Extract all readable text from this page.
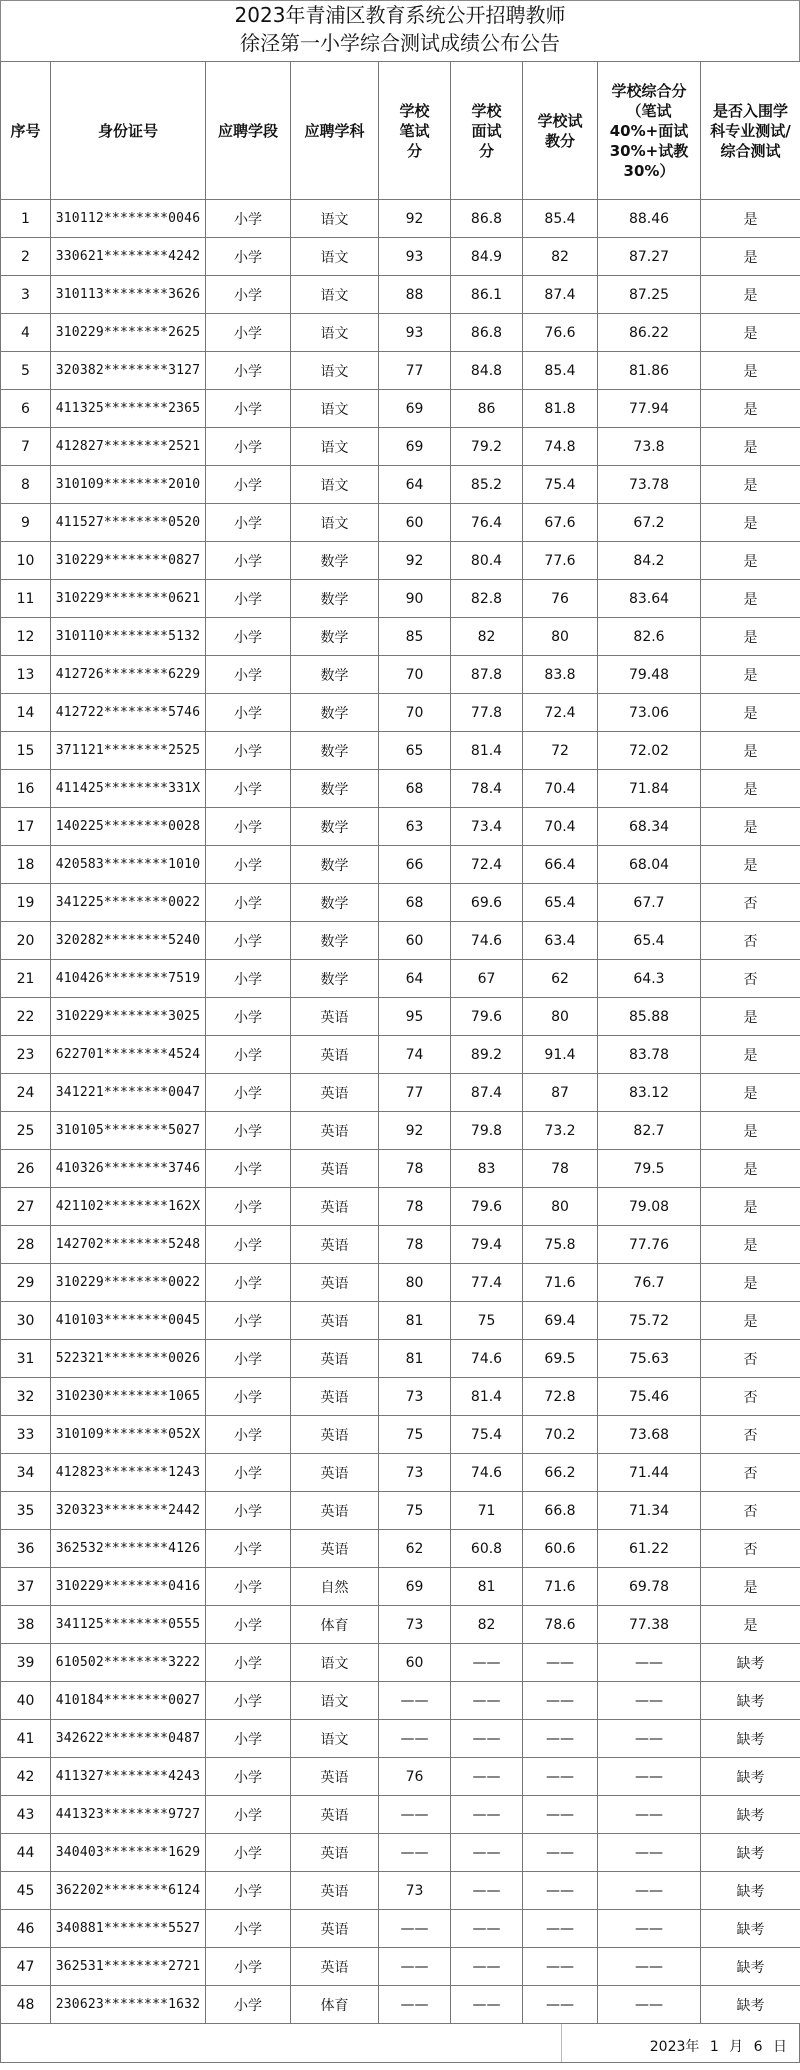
2023年青浦区教育系统公开招聘教师
徐泾第一小学综合测试成绩公布公告
序号	身份证号	应聘学段	应聘学科	学校笔试分	学校面试分	学校试教分	学校综合分（笔试40%+面试30%+试教30%）	是否入围学科专业测试/综合测试
1	310112********0046	小学	语文	92	86.8	85.4	88.46	是
2	330621********4242	小学	语文	93	84.9	82	87.27	是
3	310113********3626	小学	语文	88	86.1	87.4	87.25	是
4	310229********2625	小学	语文	93	86.8	76.6	86.22	是
5	320382********3127	小学	语文	77	84.8	85.4	81.86	是
6	411325********2365	小学	语文	69	86	81.8	77.94	是
7	412827********2521	小学	语文	69	79.2	74.8	73.8	是
8	310109********2010	小学	语文	64	85.2	75.4	73.78	是
9	411527********0520	小学	语文	60	76.4	67.6	67.2	是
10	310229********0827	小学	数学	92	80.4	77.6	84.2	是
11	310229********0621	小学	数学	90	82.8	76	83.64	是
12	310110********5132	小学	数学	85	82	80	82.6	是
13	412726********6229	小学	数学	70	87.8	83.8	79.48	是
14	412722********5746	小学	数学	70	77.8	72.4	73.06	是
15	371121********2525	小学	数学	65	81.4	72	72.02	是
16	411425********331X	小学	数学	68	78.4	70.4	71.84	是
17	140225********0028	小学	数学	63	73.4	70.4	68.34	是
18	420583********1010	小学	数学	66	72.4	66.4	68.04	是
19	341225********0022	小学	数学	68	69.6	65.4	67.7	否
20	320282********5240	小学	数学	60	74.6	63.4	65.4	否
21	410426********7519	小学	数学	64	67	62	64.3	否
22	310229********3025	小学	英语	95	79.6	80	85.88	是
23	622701********4524	小学	英语	74	89.2	91.4	83.78	是
24	341221********0047	小学	英语	77	87.4	87	83.12	是
25	310105********5027	小学	英语	92	79.8	73.2	82.7	是
26	410326********3746	小学	英语	78	83	78	79.5	是
27	421102********162X	小学	英语	78	79.6	80	79.08	是
28	142702********5248	小学	英语	78	79.4	75.8	77.76	是
29	310229********0022	小学	英语	80	77.4	71.6	76.7	是
30	410103********0045	小学	英语	81	75	69.4	75.72	是
31	522321********0026	小学	英语	81	74.6	69.5	75.63	否
32	310230********1065	小学	英语	73	81.4	72.8	75.46	否
33	310109********052X	小学	英语	75	75.4	70.2	73.68	否
34	412823********1243	小学	英语	73	74.6	66.2	71.44	否
35	320323********2442	小学	英语	75	71	66.8	71.34	否
36	362532********4126	小学	英语	62	60.8	60.6	61.22	否
37	310229********0416	小学	自然	69	81	71.6	69.78	是
38	341125********0555	小学	体育	73	82	78.6	77.38	是
39	610502********3222	小学	语文	60	——	——	——	缺考
40	410184********0027	小学	语文	——	——	——	——	缺考
41	342622********0487	小学	语文	——	——	——	——	缺考
42	411327********4243	小学	英语	76	——	——	——	缺考
43	441323********9727	小学	英语	——	——	——	——	缺考
44	340403********1629	小学	英语	——	——	——	——	缺考
45	362202********6124	小学	英语	73	——	——	——	缺考
46	340881********5527	小学	英语	——	——	——	——	缺考
47	362531********2721	小学	英语	——	——	——	——	缺考
48	230623********1632	小学	体育	——	——	——	——	缺考
2023年 1 月 6 日
